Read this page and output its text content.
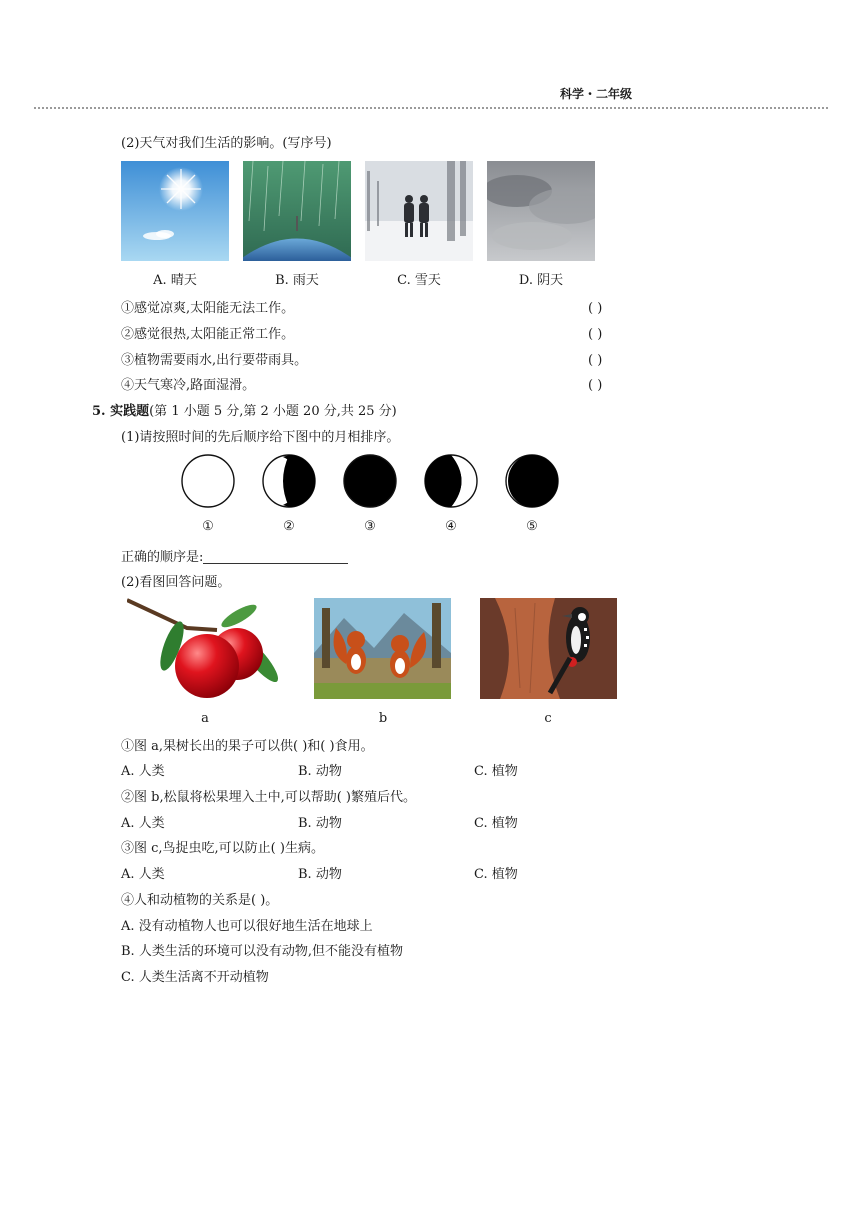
科学・二年级
(2)天气对我们生活的影响。(写序号)
A. 晴天	B. 雨天	C. 雪天	D. 阴天
①感觉凉爽,太阳能无法工作。	( )
②感觉很热,太阳能正常工作。	( )
③植物需要雨水,出行要带雨具。	( )
④天气寒冷,路面湿滑。	( )
5. 实践题(第 1 小题 5 分,第 2 小题 20 分,共 25 分)
(1)请按照时间的先后顺序给下图中的月相排序。
①	②	③	④	⑤
正确的顺序是:
(2)看图回答问题。
a	b	c
①图 a,果树长出的果子可以供( )和( )食用。
A. 人类	B. 动物	C. 植物
②图 b,松鼠将松果埋入土中,可以帮助( )繁殖后代。
A. 人类	B. 动物	C. 植物
③图 c,鸟捉虫吃,可以防止( )生病。
A. 人类	B. 动物	C. 植物
④人和动植物的关系是( )。
A. 没有动植物人也可以很好地生活在地球上
B. 人类生活的环境可以没有动物,但不能没有植物
C. 人类生活离不开动植物
